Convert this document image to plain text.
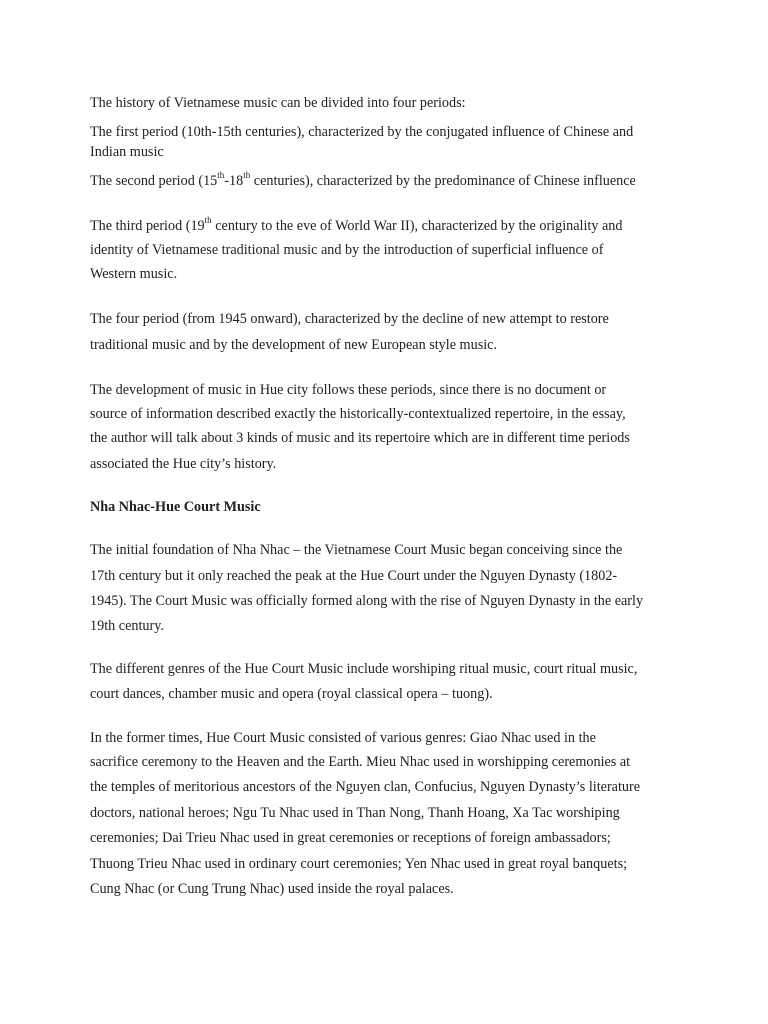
The history of Vietnamese music can be divided into four periods:
The first period (10th-15th centuries), characterized by the conjugated influence of Chinese and
Indian music
The second period (15th-18th centuries), characterized by the predominance of Chinese influence
The third period (19th century to the eve of World War II), characterized by the originality and
identity of Vietnamese traditional music and by the introduction of superficial influence of
Western music.
The four period (from 1945 onward), characterized by the decline of new attempt to restore
traditional music and by the development of new European style music.
The development of music in Hue city follows these periods, since there is no document or
source of information described exactly the historically-contextualized repertoire, in the essay,
the author will talk about 3 kinds of music and its repertoire which are in different time periods
associated the Hue city’s history.
Nha Nhac-Hue Court Music
The initial foundation of Nha Nhac – the Vietnamese Court Music began conceiving since the
17th century but it only reached the peak at the Hue Court under the Nguyen Dynasty (1802-
1945). The Court Music was officially formed along with the rise of Nguyen Dynasty in the early
19th century.
The different genres of the Hue Court Music include worshiping ritual music, court ritual music,
court dances, chamber music and opera (royal classical opera – tuong).
In the former times, Hue Court Music consisted of various genres: Giao Nhac used in the
sacrifice ceremony to the Heaven and the Earth. Mieu Nhac used in worshipping ceremonies at
the temples of meritorious ancestors of the Nguyen clan, Confucius, Nguyen Dynasty’s literature
doctors, national heroes; Ngu Tu Nhac used in Than Nong, Thanh Hoang, Xa Tac worshiping
ceremonies; Dai Trieu Nhac used in great ceremonies or receptions of foreign ambassadors;
Thuong Trieu Nhac used in ordinary court ceremonies; Yen Nhac used in great royal banquets;
Cung Nhac (or Cung Trung Nhac) used inside the royal palaces.
